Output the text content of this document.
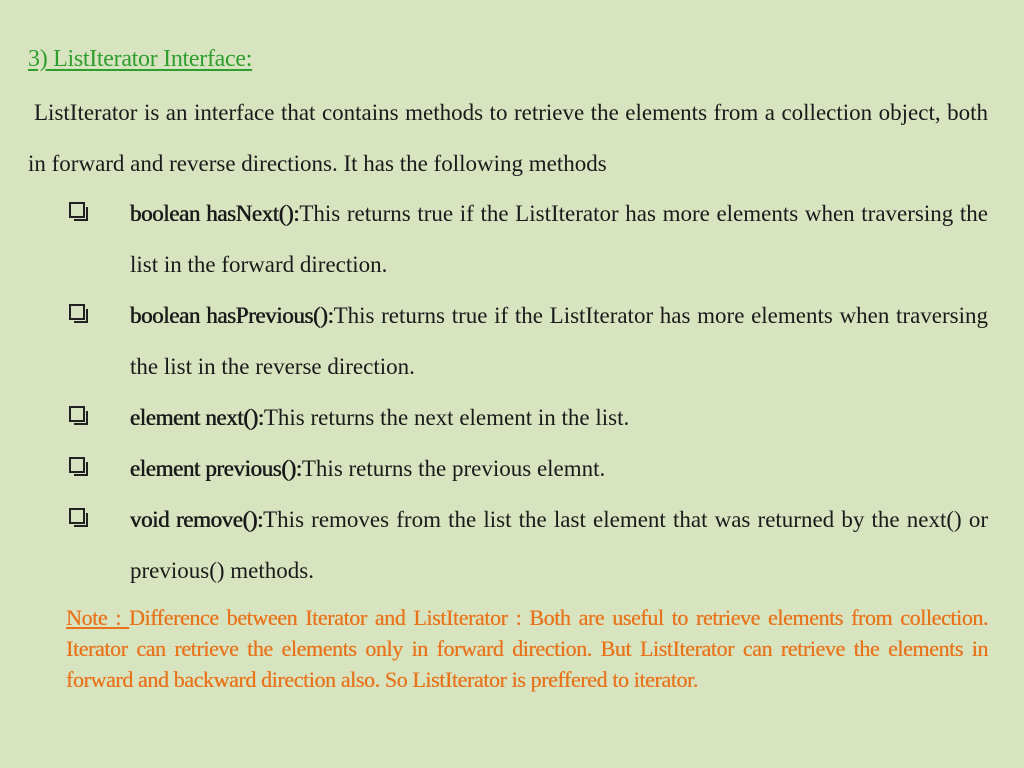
3) ListIterator Interface:
ListIterator is an interface that contains methods to retrieve the elements from a collection object, both in forward and reverse directions. It has the following methods
boolean hasNext():This returns true if the ListIterator has more elements when traversing the list in the forward direction.
boolean hasPrevious():This returns true if the ListIterator has more elements when traversing the list in the reverse direction.
element next():This returns the next element in the list.
element previous():This returns the previous elemnt.
void remove():This removes from the list the last element that was returned by the next() or previous() methods.
Note : Difference between Iterator and ListIterator : Both are useful to retrieve elements from collection. Iterator can retrieve the elements only in forward direction. But ListIterator can retrieve the elements in forward and backward direction also. So ListIterator is preffered to iterator.
